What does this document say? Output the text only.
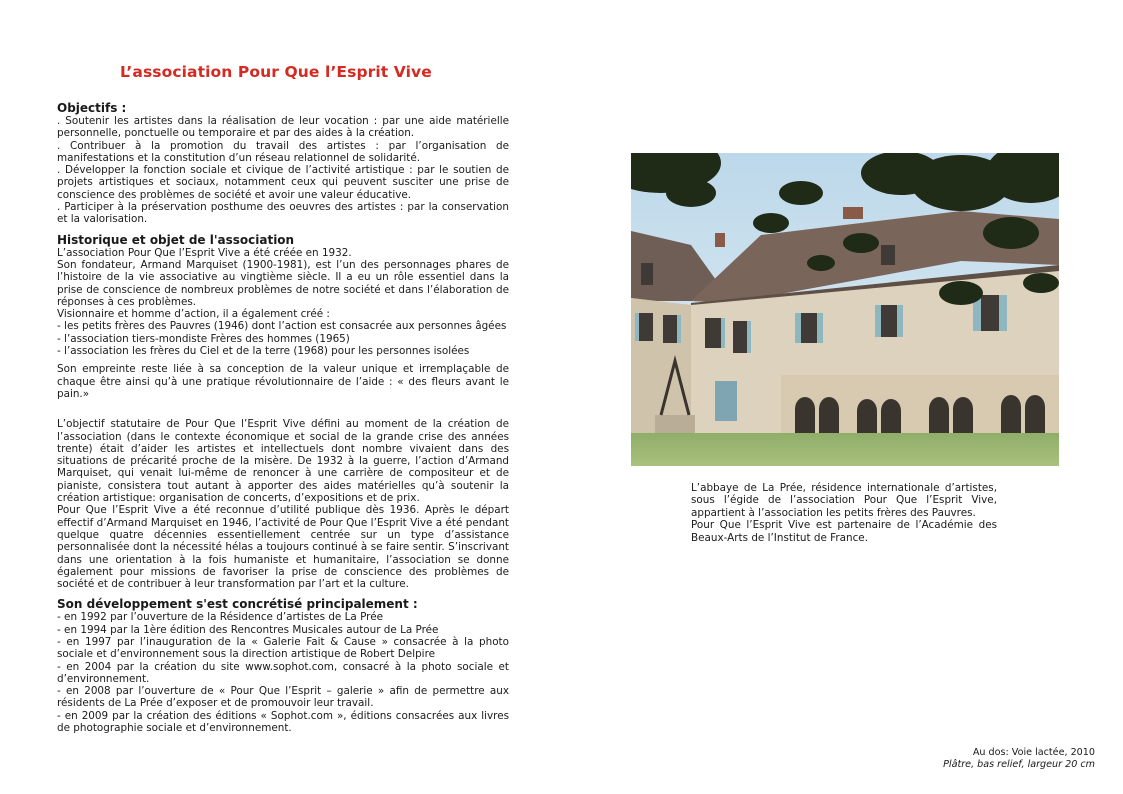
L’association Pour Que l’Esprit Vive

Objectifs :

. Soutenir les artistes dans la réalisation de leur vocation : par une aide matérielle personnelle, ponctuelle ou temporaire et par des aides à la création.

. Contribuer à la promotion du travail des artistes : par l’organisation de manifestations et la constitution d’un réseau relationnel de solidarité.

. Développer la fonction sociale et civique de l’activité artistique : par le soutien de projets artistiques et sociaux, notamment ceux qui peuvent susciter une prise de conscience des problèmes de société et avoir une valeur éducative.

. Participer à la préservation posthume des oeuvres des artistes : par la conservation et la valorisation.

Historique et objet de l'association

L’association Pour Que l’Esprit Vive a été créée en 1932.

Son fondateur, Armand Marquiset (1900-1981), est l’un des personnages phares de l’histoire de la vie associative au vingtième siècle. Il a eu un rôle essentiel dans la prise de conscience de nombreux problèmes de notre société et dans l’élaboration de réponses à ces problèmes.

Visionnaire et homme d’action, il a également créé :

- les petits frères des Pauvres (1946) dont l’action est consacrée aux personnes âgées

- l’association tiers-mondiste Frères des hommes (1965)

- l’association les frères du Ciel et de la terre (1968) pour les personnes isolées

Son empreinte reste liée à sa conception de la valeur unique et irremplaçable de chaque être ainsi qu’à une pratique révolutionnaire de l’aide : « des fleurs avant le pain.»

L’objectif statutaire de Pour Que l’Esprit Vive défini au moment de la création de l’association (dans le contexte économique et social de la grande crise des années trente) était d’aider les artistes et intellectuels dont nombre vivaient dans des situations de précarité proche de la misère. De 1932 à la guerre, l’action d’Armand Marquiset, qui venait lui-même de renoncer à une carrière de compositeur et de pianiste, consistera tout autant à apporter des aides matérielles qu’à soutenir la création artistique: organisation de concerts, d’expositions et de prix.

Pour Que l’Esprit Vive a été reconnue d’utilité publique dès 1936. Après le départ effectif d’Armand Marquiset en 1946, l’activité de Pour Que l’Esprit Vive a été pendant quelque quatre décennies essentiellement centrée sur un type d’assistance personnalisée dont la nécessité hélas a toujours continué à se faire sentir. S’inscrivant dans une orientation à la fois humaniste et humanitaire, l’association se donne également pour missions de favoriser la prise de conscience des problèmes de société et de contribuer à leur transformation par l’art et la culture.

Son développement s'est concrétisé principalement :

- en 1992 par l’ouverture de la Résidence d’artistes de La Prée

- en 1994 par la 1ère édition des Rencontres Musicales autour de La Prée

- en 1997 par l’inauguration de la « Galerie Fait & Cause » consacrée à la photo sociale et d’environnement sous la direction artistique de Robert Delpire

- en 2004 par la création du site www.sophot.com, consacré à la photo sociale et d’environnement.

- en 2008 par l’ouverture de « Pour Que l’Esprit – galerie » afin de permettre aux résidents de La Prée d’exposer et de promouvoir leur travail.

- en 2009 par la création des éditions « Sophot.com », éditions consacrées aux livres de photographie sociale et d’environnement.

L’abbaye de La Prée, résidence internationale d’artistes, sous l’égide de l’association Pour Que l’Esprit Vive, appartient à l’association les petits frères des Pauvres.
Pour Que l’Esprit Vive est partenaire de l’Académie des Beaux-Arts de l’Institut de France.

Au dos: Voie lactée, 2010
Plâtre, bas relief, largeur 20 cm
